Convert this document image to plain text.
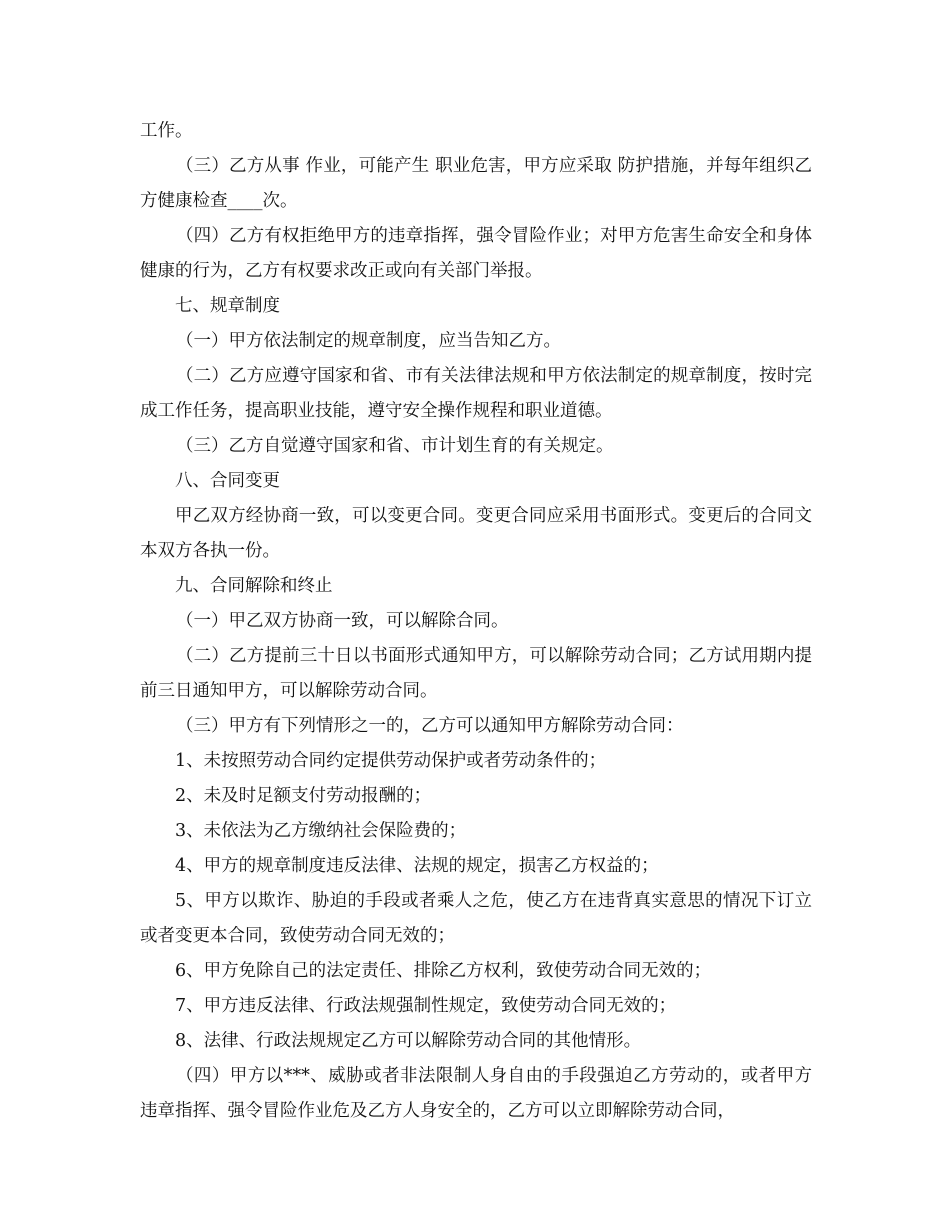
工作。

（三）乙方从事 作业，可能产生 职业危害，甲方应采取 防护措施，并每年组织乙方健康检查____次。

（四）乙方有权拒绝甲方的违章指挥，强令冒险作业；对甲方危害生命安全和身体健康的行为，乙方有权要求改正或向有关部门举报。

七、规章制度

（一）甲方依法制定的规章制度，应当告知乙方。

（二）乙方应遵守国家和省、市有关法律法规和甲方依法制定的规章制度，按时完成工作任务，提高职业技能，遵守安全操作规程和职业道德。

（三）乙方自觉遵守国家和省、市计划生育的有关规定。

八、合同变更

甲乙双方经协商一致，可以变更合同。变更合同应采用书面形式。变更后的合同文本双方各执一份。

九、合同解除和终止

（一）甲乙双方协商一致，可以解除合同。

（二）乙方提前三十日以书面形式通知甲方，可以解除劳动合同；乙方试用期内提前三日通知甲方，可以解除劳动合同。

（三）甲方有下列情形之一的，乙方可以通知甲方解除劳动合同：

1、未按照劳动合同约定提供劳动保护或者劳动条件的；

2、未及时足额支付劳动报酬的；

3、未依法为乙方缴纳社会保险费的；

4、甲方的规章制度违反法律、法规的规定，损害乙方权益的；

5、甲方以欺诈、胁迫的手段或者乘人之危，使乙方在违背真实意思的情况下订立或者变更本合同，致使劳动合同无效的；

6、甲方免除自己的法定责任、排除乙方权利，致使劳动合同无效的；

7、甲方违反法律、行政法规强制性规定，致使劳动合同无效的；

8、法律、行政法规规定乙方可以解除劳动合同的其他情形。

（四）甲方以***、威胁或者非法限制人身自由的手段强迫乙方劳动的，或者甲方违章指挥、强令冒险作业危及乙方人身安全的，乙方可以立即解除劳动合同，
